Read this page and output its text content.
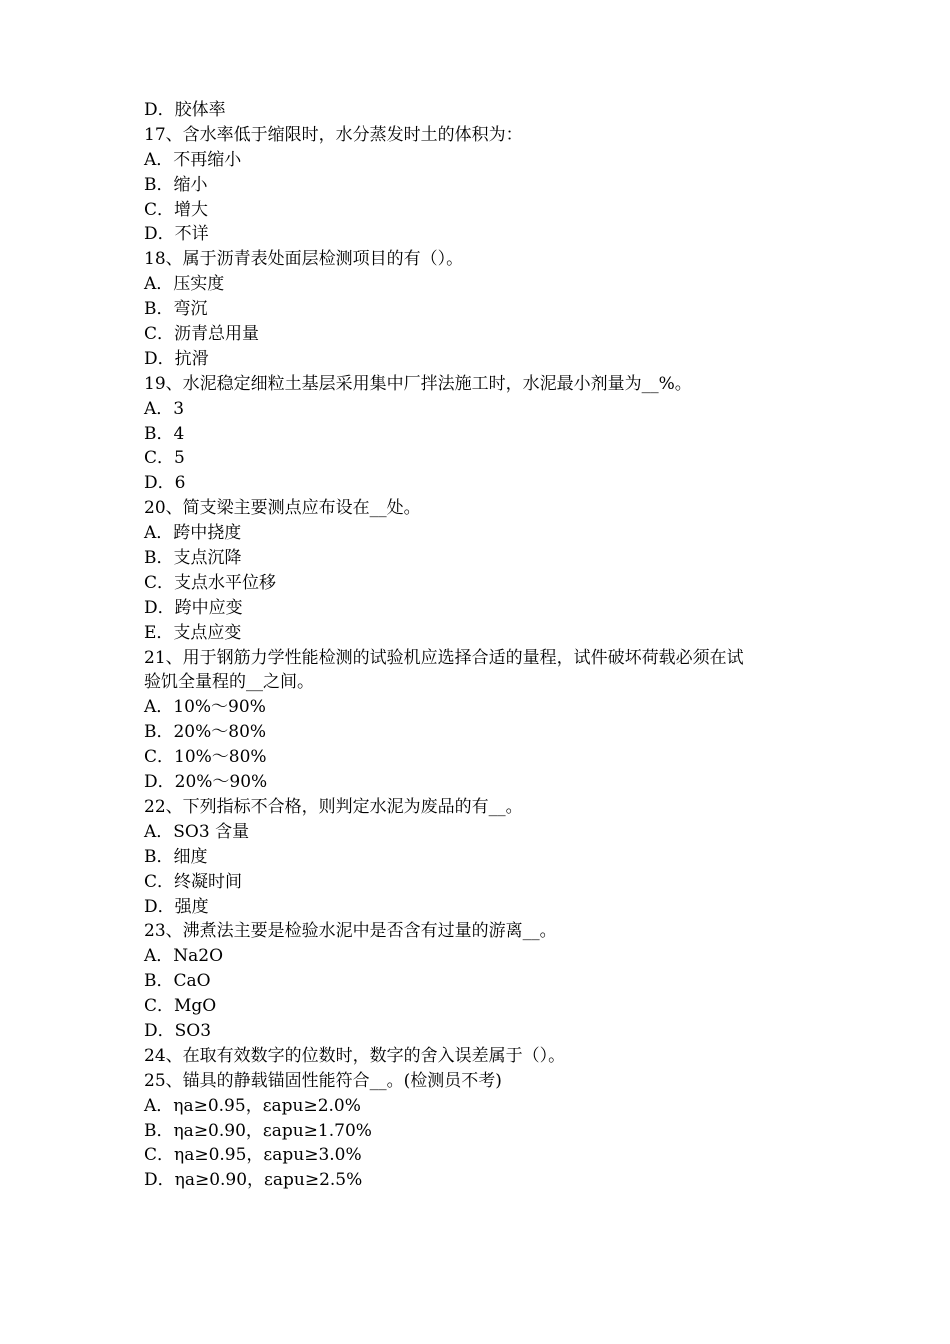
D．胶体率
17、含水率低于缩限时，水分蒸发时土的体积为：
A．不再缩小
B．缩小
C．增大
D．不详
18、属于沥青表处面层检测项目的有（）。
A．压实度
B．弯沉
C．沥青总用量
D．抗滑
19、水泥稳定细粒土基层采用集中厂拌法施工时，水泥最小剂量为__%。
A．3
B．4
C．5
D．6
20、简支梁主要测点应布设在__处。
A．跨中挠度
B．支点沉降
C．支点水平位移
D．跨中应变
E．支点应变
21、用于钢筋力学性能检测的试验机应选择合适的量程，试件破坏荷载必须在试
验饥全量程的__之间。
A．10%～90%
B．20%～80%
C．10%～80%
D．20%～90%
22、下列指标不合格，则判定水泥为废品的有__。
A．SO3 含量
B．细度
C．终凝时间
D．强度
23、沸煮法主要是检验水泥中是否含有过量的游离__。
A．Na2O
B．CaO
C．MgO
D．SO3
24、在取有效数字的位数时，数字的舍入误差属于（）。
25、锚具的静载锚固性能符合__。(检测员不考)
A．ηa≥0.95，εapu≥2.0%
B．ηa≥0.90，εapu≥1.70%
C．ηa≥0.95，εapu≥3.0%
D．ηa≥0.90，εapu≥2.5%
